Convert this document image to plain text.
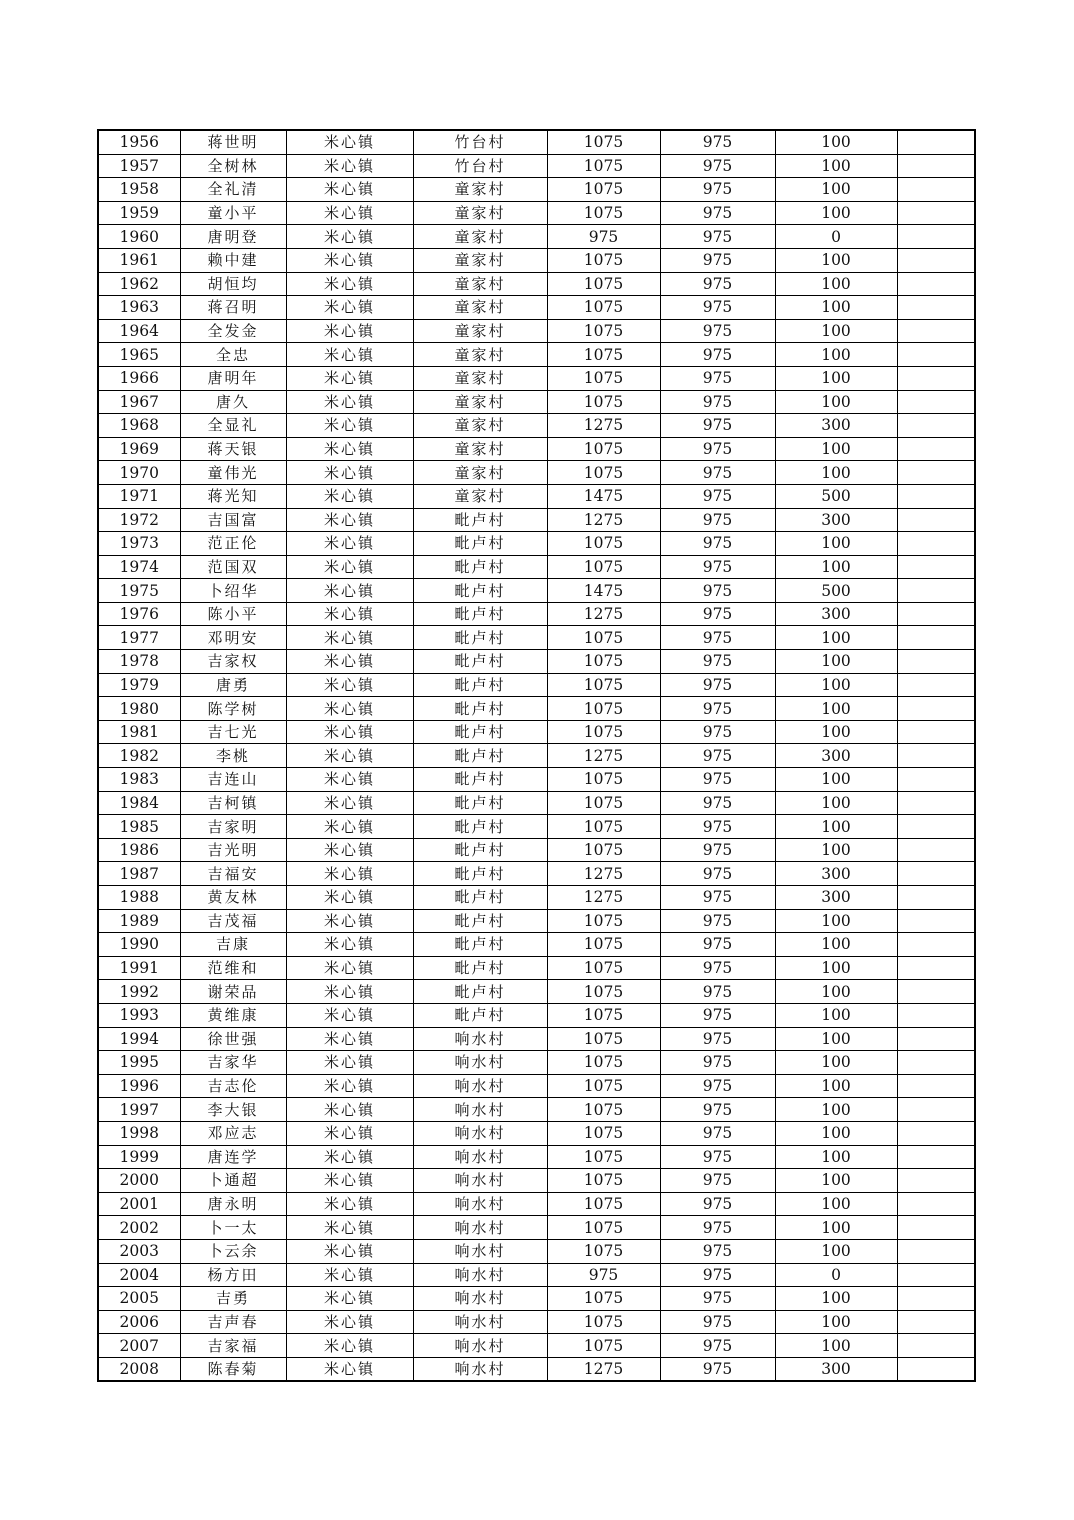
1956	蒋世明	米心镇	竹台村	1075	975	100	
1957	全树林	米心镇	竹台村	1075	975	100	
1958	全礼清	米心镇	童家村	1075	975	100	
1959	童小平	米心镇	童家村	1075	975	100	
1960	唐明登	米心镇	童家村	975	975	0	
1961	赖中建	米心镇	童家村	1075	975	100	
1962	胡恒均	米心镇	童家村	1075	975	100	
1963	蒋召明	米心镇	童家村	1075	975	100	
1964	全发金	米心镇	童家村	1075	975	100	
1965	全忠	米心镇	童家村	1075	975	100	
1966	唐明年	米心镇	童家村	1075	975	100	
1967	唐久	米心镇	童家村	1075	975	100	
1968	全显礼	米心镇	童家村	1275	975	300	
1969	蒋天银	米心镇	童家村	1075	975	100	
1970	童伟光	米心镇	童家村	1075	975	100	
1971	蒋光知	米心镇	童家村	1475	975	500	
1972	吉国富	米心镇	毗卢村	1275	975	300	
1973	范正伦	米心镇	毗卢村	1075	975	100	
1974	范国双	米心镇	毗卢村	1075	975	100	
1975	卜绍华	米心镇	毗卢村	1475	975	500	
1976	陈小平	米心镇	毗卢村	1275	975	300	
1977	邓明安	米心镇	毗卢村	1075	975	100	
1978	吉家权	米心镇	毗卢村	1075	975	100	
1979	唐勇	米心镇	毗卢村	1075	975	100	
1980	陈学树	米心镇	毗卢村	1075	975	100	
1981	吉七光	米心镇	毗卢村	1075	975	100	
1982	李桃	米心镇	毗卢村	1275	975	300	
1983	吉连山	米心镇	毗卢村	1075	975	100	
1984	吉柯镇	米心镇	毗卢村	1075	975	100	
1985	吉家明	米心镇	毗卢村	1075	975	100	
1986	吉光明	米心镇	毗卢村	1075	975	100	
1987	吉福安	米心镇	毗卢村	1275	975	300	
1988	黄友林	米心镇	毗卢村	1275	975	300	
1989	吉茂福	米心镇	毗卢村	1075	975	100	
1990	吉康	米心镇	毗卢村	1075	975	100	
1991	范维和	米心镇	毗卢村	1075	975	100	
1992	谢荣品	米心镇	毗卢村	1075	975	100	
1993	黄维康	米心镇	毗卢村	1075	975	100	
1994	徐世强	米心镇	响水村	1075	975	100	
1995	吉家华	米心镇	响水村	1075	975	100	
1996	吉志伦	米心镇	响水村	1075	975	100	
1997	李大银	米心镇	响水村	1075	975	100	
1998	邓应志	米心镇	响水村	1075	975	100	
1999	唐连学	米心镇	响水村	1075	975	100	
2000	卜通超	米心镇	响水村	1075	975	100	
2001	唐永明	米心镇	响水村	1075	975	100	
2002	卜一太	米心镇	响水村	1075	975	100	
2003	卜云余	米心镇	响水村	1075	975	100	
2004	杨方田	米心镇	响水村	975	975	0	
2005	吉勇	米心镇	响水村	1075	975	100	
2006	吉声春	米心镇	响水村	1075	975	100	
2007	吉家福	米心镇	响水村	1075	975	100	
2008	陈春菊	米心镇	响水村	1275	975	300	
